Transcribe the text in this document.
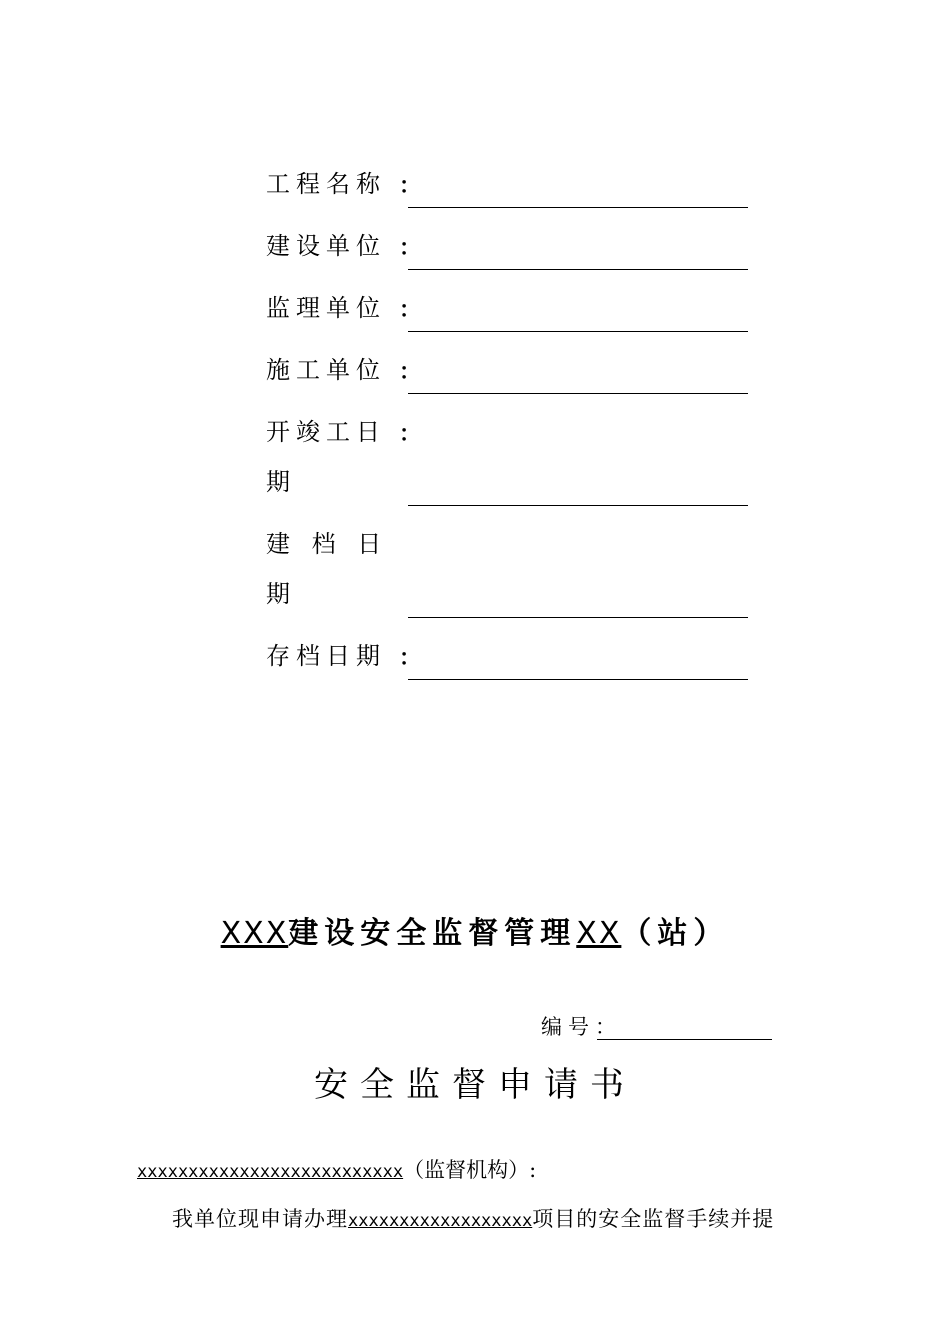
工程名称 ：
建设单位 ：
监理单位 ：
施工单位 ：
开竣工日 ：
期
建 档 日
期
存档日期 ：
XXX建设安全监督管理XX（站）
编号：
安全监督申请书
xxxxxxxxxxxxxxxxxxxxxxxxxx（监督机构）:
我单位现申请办理xxxxxxxxxxxxxxxxxx项目的安全监督手续并提
